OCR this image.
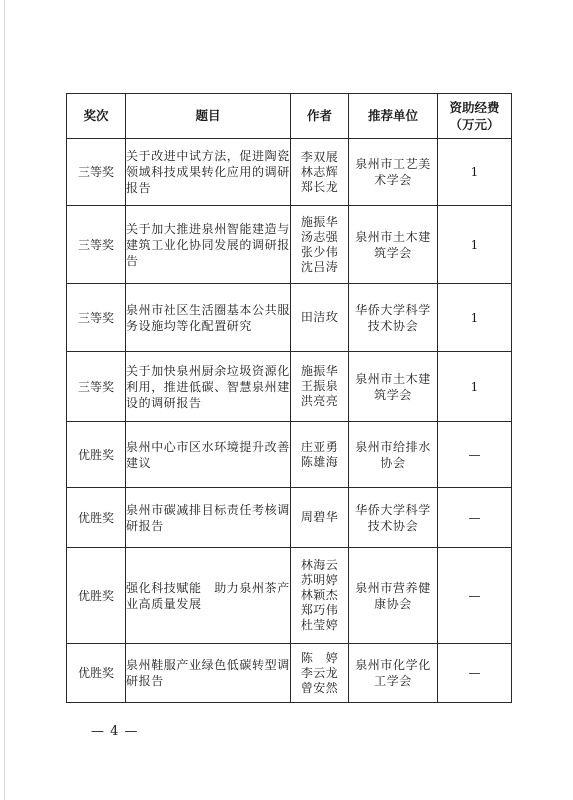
奖次	题目	作者	推荐单位	资助经费
（万元）

三等奖	关于改进中试方法，促进陶瓷领域科技成果转化应用的调研报告	李双展
林志辉
郑长龙	泉州市工艺美术学会	1
三等奖	关于加大推进泉州智能建造与建筑工业化协同发展的调研报告	施振华
汤志强
张少伟
沈吕涛	泉州市土木建筑学会	1
三等奖	泉州市社区生活圈基本公共服务设施均等化配置研究	田洁玫	华侨大学科学技术协会	1
三等奖	关于加快泉州厨余垃圾资源化利用，推进低碳、智慧泉州建设的调研报告	施振华
王振泉
洪亮亮	泉州市土木建筑学会	1
优胜奖	泉州中心市区水环境提升改善建议	庄亚勇
陈雄海	泉州市给排水协会	—
优胜奖	泉州市碳减排目标责任考核调研报告	周碧华	华侨大学科学技术协会	—
优胜奖	强化科技赋能　助力泉州茶产业高质量发展	林海云
苏明婷
林颖杰
郑巧伟
杜莹婷	泉州市营养健康协会	—
优胜奖	泉州鞋服产业绿色低碳转型调研报告	陈　婷
李云龙
曾安然	泉州市化学化工学会	—
— 4 —
